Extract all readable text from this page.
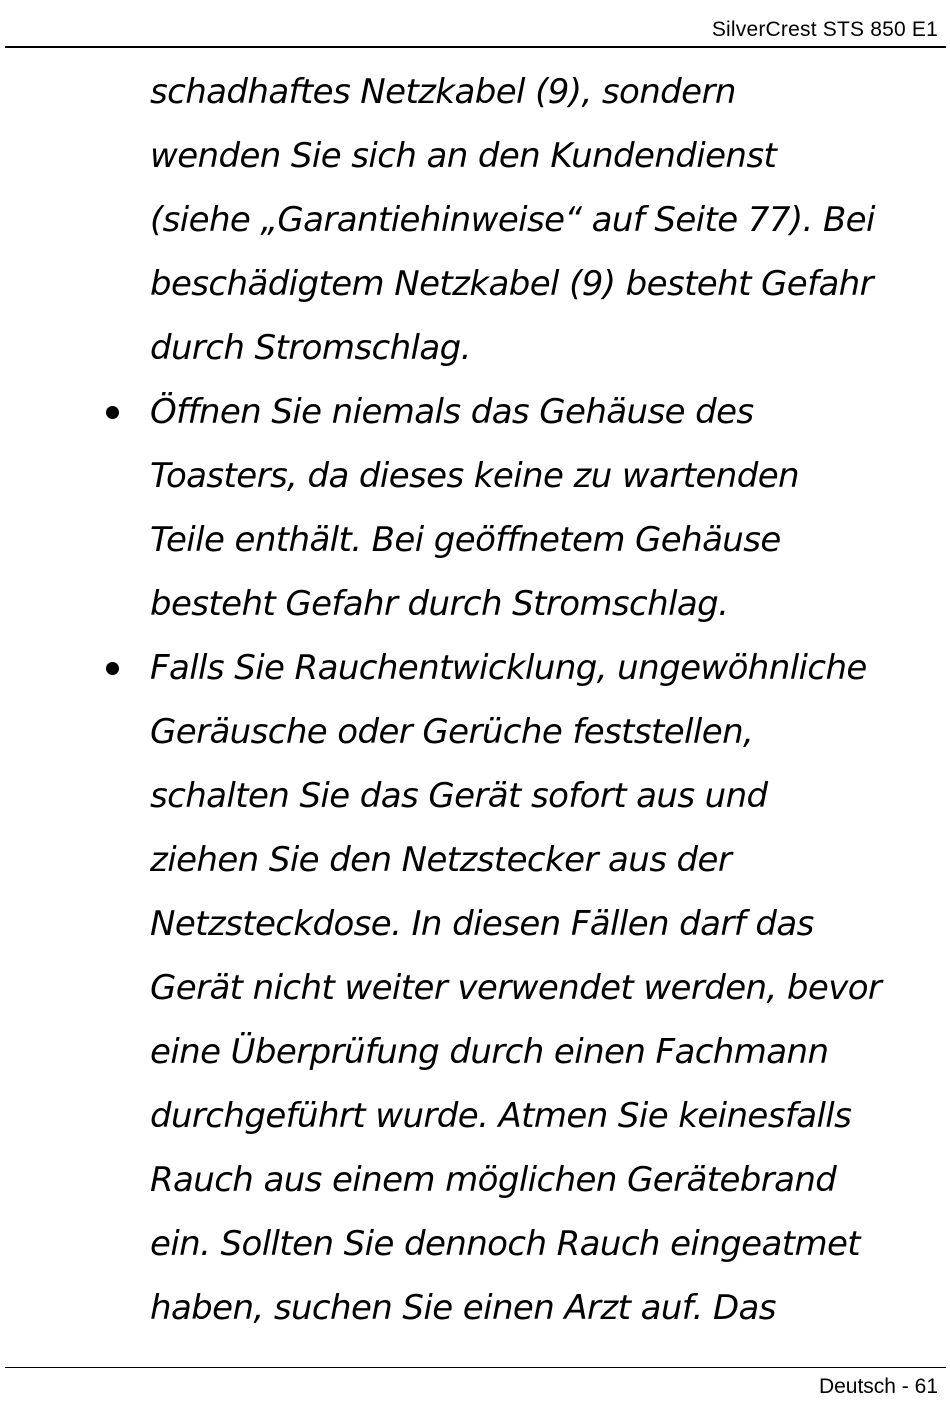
SilverCrest STS 850 E1

schadhaftes Netzkabel (9), sondern
wenden Sie sich an den Kundendienst
(siehe „Garantiehinweise“ auf Seite 77). Bei
beschädigtem Netzkabel (9) besteht Gefahr
durch Stromschlag.

Öffnen Sie niemals das Gehäuse des
Toasters, da dieses keine zu wartenden
Teile enthält. Bei geöffnetem Gehäuse
besteht Gefahr durch Stromschlag.

Falls Sie Rauchentwicklung, ungewöhnliche
Geräusche oder Gerüche feststellen,
schalten Sie das Gerät sofort aus und
ziehen Sie den Netzstecker aus der
Netzsteckdose. In diesen Fällen darf das
Gerät nicht weiter verwendet werden, bevor
eine Überprüfung durch einen Fachmann
durchgeführt wurde. Atmen Sie keinesfalls
Rauch aus einem möglichen Gerätebrand
ein. Sollten Sie dennoch Rauch eingeatmet
haben, suchen Sie einen Arzt auf. Das

Deutsch - 61
